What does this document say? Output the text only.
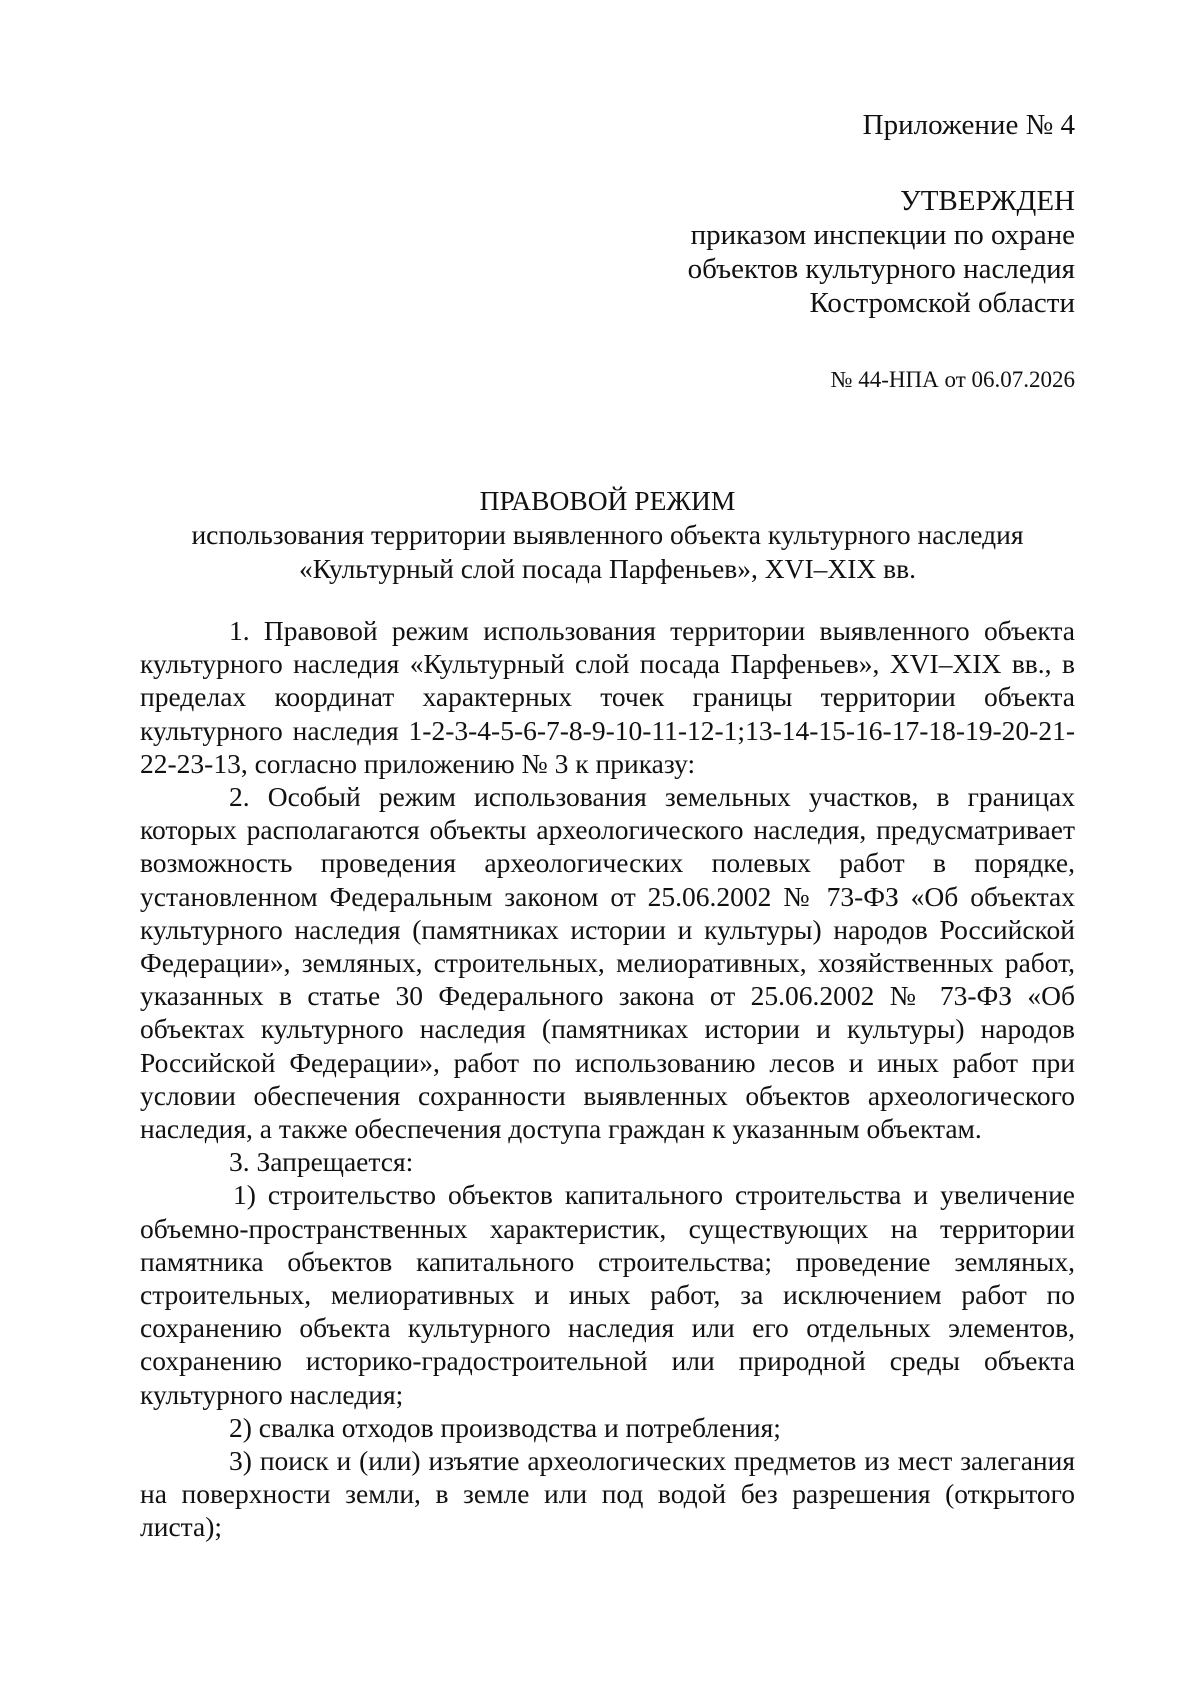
Приложение № 4
УТВЕРЖДЕН
приказом инспекции по охране
объектов культурного наследия
Костромской области
№ 44-НПА от 06.07.2026
ПРАВОВОЙ РЕЖИМ
использования территории выявленного объекта культурного наследия
«Культурный слой посада Парфеньев», XVI–XIX вв.

1. Правовой режим использования территории выявленного объекта культурного наследия «Культурный слой посада Парфеньев», XVI–XIX вв., в пределах координат характерных точек границы территории объекта культурного наследия 1-2-3-4-5-6-7-8-9-10-11-12-1;13-14-15-16-17-18-19-20-21-22-23-13, согласно приложению № 3 к приказу:

2. Особый режим использования земельных участков, в границах которых располагаются объекты археологического наследия, предусматривает возможность проведения археологических полевых работ в порядке, установленном Федеральным законом от 25.06.2002 № 73-ФЗ «Об объектах культурного наследия (памятниках истории и культуры) народов Российской Федерации», земляных, строительных, мелиоративных, хозяйственных работ, указанных в статье 30 Федерального закона от 25.06.2002 № 73-ФЗ «Об объектах культурного наследия (памятниках истории и культуры) народов Российской Федерации», работ по использованию лесов и иных работ при условии обеспечения сохранности выявленных объектов археологического наследия, а также обеспечения доступа граждан к указанным объектам.

3. Запрещается:

1) строительство объектов капитального строительства и увеличение объемно-пространственных характеристик, существующих на территории памятника объектов капитального строительства; проведение земляных, строительных, мелиоративных и иных работ, за исключением работ по сохранению объекта культурного наследия или его отдельных элементов, сохранению историко-градостроительной или природной среды объекта культурного наследия;

2) свалка отходов производства и потребления;

3) поиск и (или) изъятие археологических предметов из мест залегания на поверхности земли, в земле или под водой без разрешения (открытого листа);
